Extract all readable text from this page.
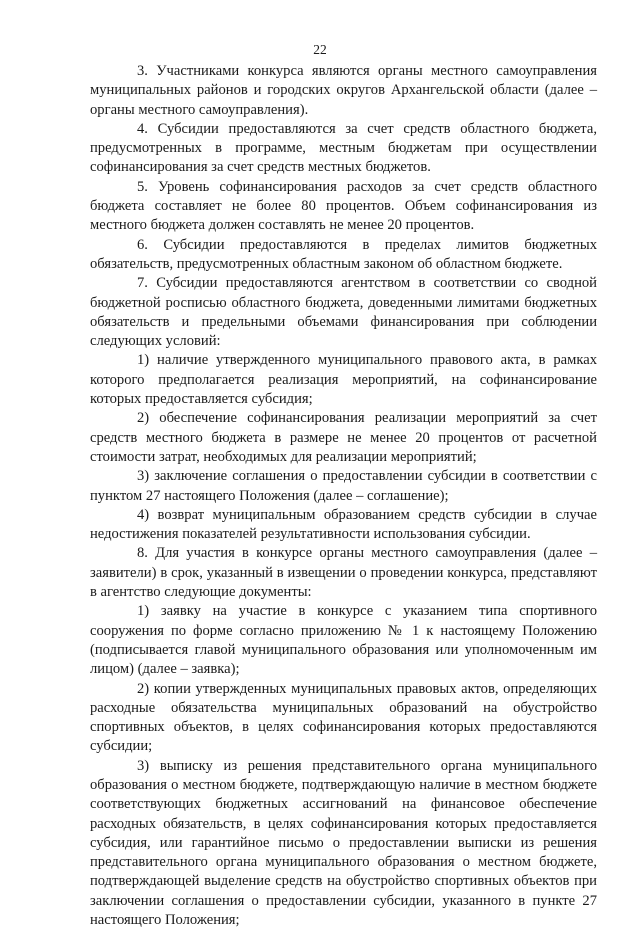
22

3. Участниками конкурса являются органы местного самоуправления муниципальных районов и городских округов Архангельской области (далее – органы местного самоуправления).

4. Субсидии предоставляются за счет средств областного бюджета, предусмотренных в программе, местным бюджетам при осуществлении софинансирования за счет средств местных бюджетов.

5. Уровень софинансирования расходов за счет средств областного бюджета составляет не более 80 процентов. Объем софинансирования из местного бюджета должен составлять не менее 20 процентов.

6. Субсидии предоставляются в пределах лимитов бюджетных обязательств, предусмотренных областным законом об областном бюджете.

7. Субсидии предоставляются агентством в соответствии со сводной бюджетной росписью областного бюджета, доведенными лимитами бюджетных обязательств и предельными объемами финансирования при соблюдении следующих условий:

1) наличие утвержденного муниципального правового акта, в рамках которого предполагается реализация мероприятий, на софинансирование которых предоставляется субсидия;

2) обеспечение софинансирования реализации мероприятий за счет средств местного бюджета в размере не менее 20 процентов от расчетной стоимости затрат, необходимых для реализации мероприятий;

3) заключение соглашения о предоставлении субсидии в соответствии с пунктом 27 настоящего Положения (далее – соглашение);

4) возврат муниципальным образованием средств субсидии в случае недостижения показателей результативности использования субсидии.

8. Для участия в конкурсе органы местного самоуправления (далее – заявители) в срок, указанный в извещении о проведении конкурса, представляют в агентство следующие документы:

1) заявку на участие в конкурсе с указанием типа спортивного сооружения по форме согласно приложению № 1 к настоящему Положению (подписывается главой муниципального образования или уполномоченным им лицом) (далее – заявка);

2) копии утвержденных муниципальных правовых актов, определяющих расходные обязательства муниципальных образований на обустройство спортивных объектов, в целях софинансирования которых предоставляются субсидии;

3) выписку из решения представительного органа муниципального образования о местном бюджете, подтверждающую наличие в местном бюджете соответствующих бюджетных ассигнований на финансовое обеспечение расходных обязательств, в целях софинансирования которых предоставляется субсидия, или гарантийное письмо о предоставлении выписки из решения представительного органа муниципального образования о местном бюджете, подтверждающей выделение средств на обустройство спортивных объектов при заключении соглашения о предоставлении субсидии, указанного в пункте 27 настоящего Положения;
